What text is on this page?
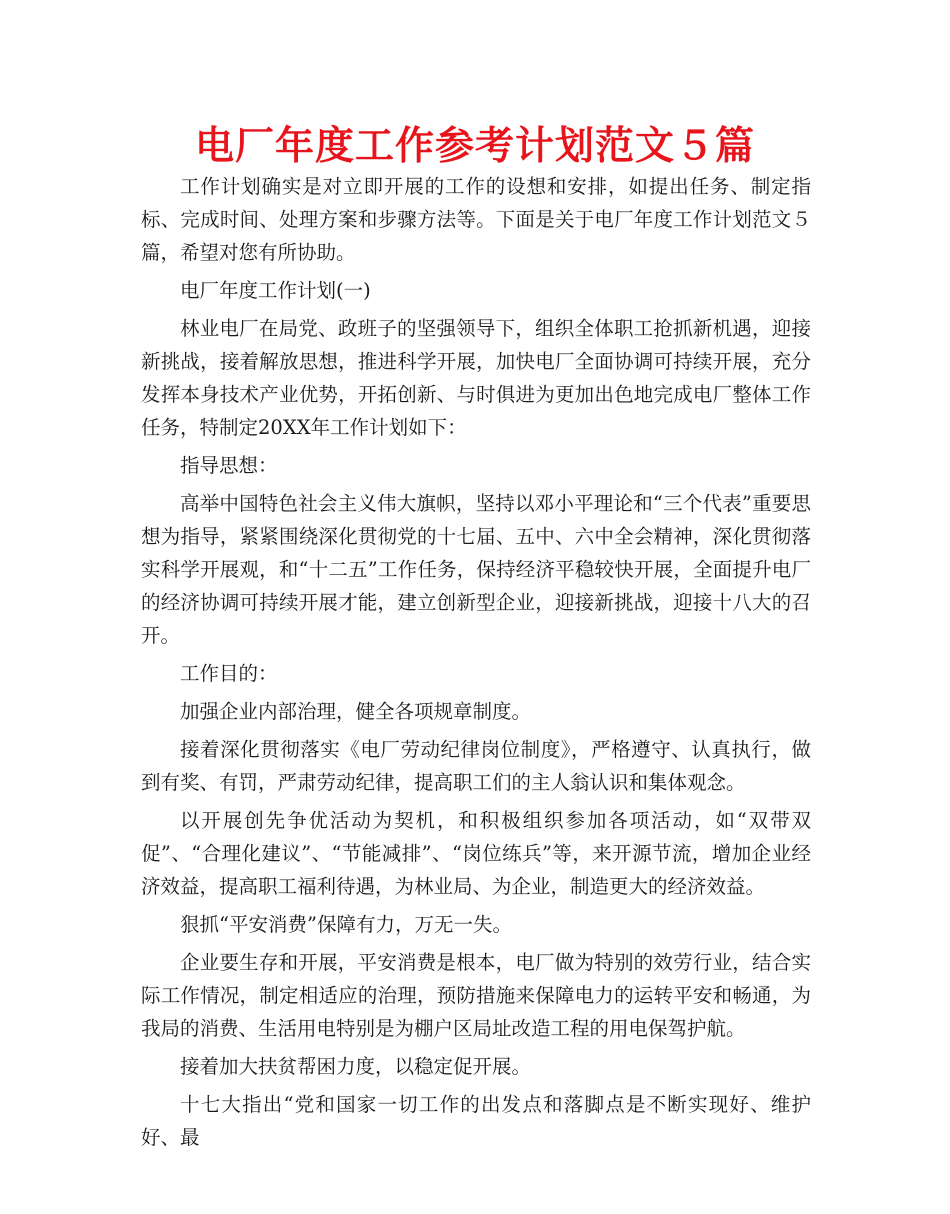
电厂年度工作参考计划范文５篇

工作计划确实是对立即开展的工作的设想和安排，如提出任务、制定指标、完成时间、处理方案和步骤方法等。下面是关于电厂年度工作计划范文５篇，希望对您有所协助。

电厂年度工作计划(一)

林业电厂在局党、政班子的坚强领导下，组织全体职工抢抓新机遇，迎接新挑战，接着解放思想，推进科学开展，加快电厂全面协调可持续开展，充分发挥本身技术产业优势，开拓创新、与时俱进为更加出色地完成电厂整体工作任务，特制定20XX年工作计划如下：

指导思想：

高举中国特色社会主义伟大旗帜，坚持以邓小平理论和“三个代表”重要思想为指导，紧紧围绕深化贯彻党的十七届、五中、六中全会精神，深化贯彻落实科学开展观，和“十二五”工作任务，保持经济平稳较快开展，全面提升电厂的经济协调可持续开展才能，建立创新型企业，迎接新挑战，迎接十八大的召开。

工作目的：

加强企业内部治理，健全各项规章制度。

接着深化贯彻落实《电厂劳动纪律岗位制度》，严格遵守、认真执行，做到有奖、有罚，严肃劳动纪律，提高职工们的主人翁认识和集体观念。

以开展创先争优活动为契机，和积极组织参加各项活动，如“双带双促”、“合理化建议”、“节能减排”、“岗位练兵”等，来开源节流，增加企业经济效益，提高职工福利待遇，为林业局、为企业，制造更大的经济效益。

狠抓“平安消费”保障有力，万无一失。

企业要生存和开展，平安消费是根本，电厂做为特别的效劳行业，结合实际工作情况，制定相适应的治理，预防措施来保障电力的运转平安和畅通，为我局的消费、生活用电特别是为棚户区局址改造工程的用电保驾护航。

接着加大扶贫帮困力度，以稳定促开展。

十七大指出“党和国家一切工作的出发点和落脚点是不断实现好、维护好、最
